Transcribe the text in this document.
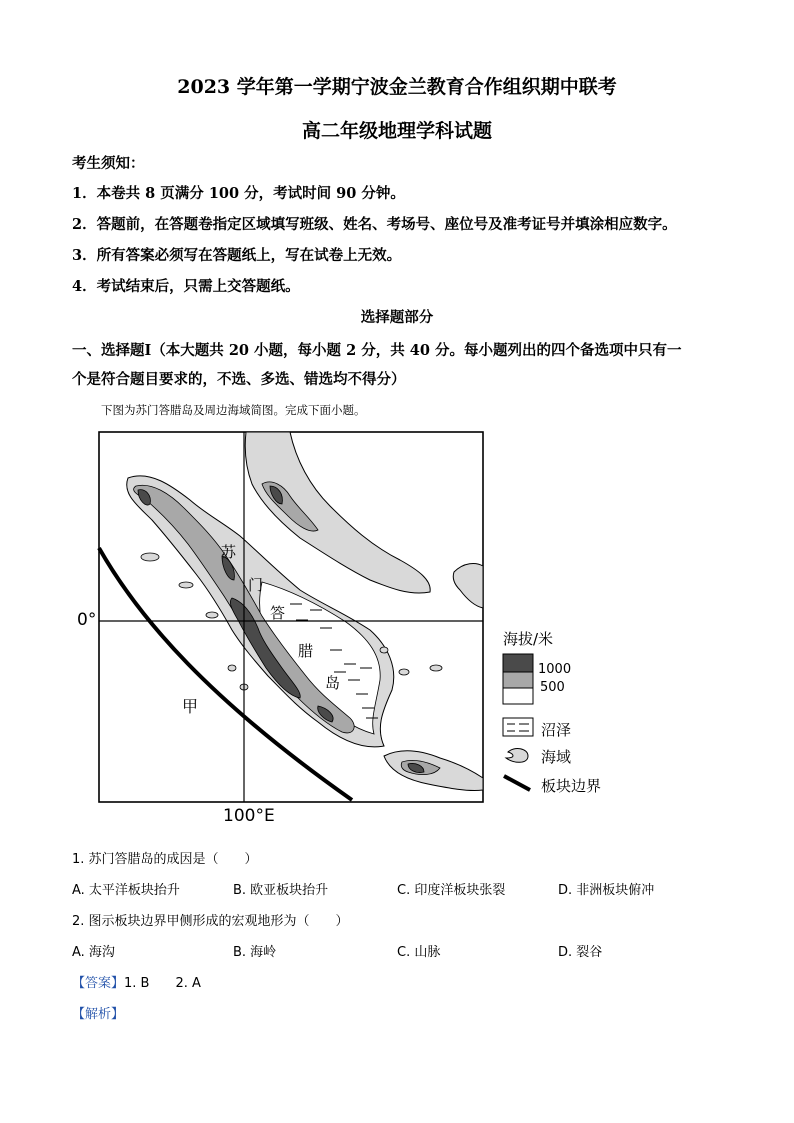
2023 学年第一学期宁波金兰教育合作组织期中联考
高二年级地理学科试题
考生须知：
1．本卷共 8 页满分 100 分，考试时间 90 分钟。
2．答题前，在答题卷指定区域填写班级、姓名、考场号、座位号及准考证号并填涂相应数字。
3．所有答案必须写在答题纸上，写在试卷上无效。
4．考试结束后，只需上交答题纸。
选择题部分
一、选择题Ⅰ（本大题共 20 小题，每小题 2 分，共 40 分。每小题列出的四个备选项中只有一
个是符合题目要求的，不选、多选、错选均不得分）
下图为苏门答腊岛及周边海域简图。完成下面小题。
0°
100°E
甲
苏
门
答
腊
岛
海拔/米
1000
500
沼泽
海域
板块边界
1. 苏门答腊岛的成因是（　　）
A. 太平洋板块抬升	B. 欧亚板块抬升	C. 印度洋板块张裂	D. 非洲板块俯冲
2. 图示板块边界甲侧形成的宏观地形为（　　）
A. 海沟	B. 海岭	C. 山脉	D. 裂谷
【答案】1. B　　2. A
【解析】
